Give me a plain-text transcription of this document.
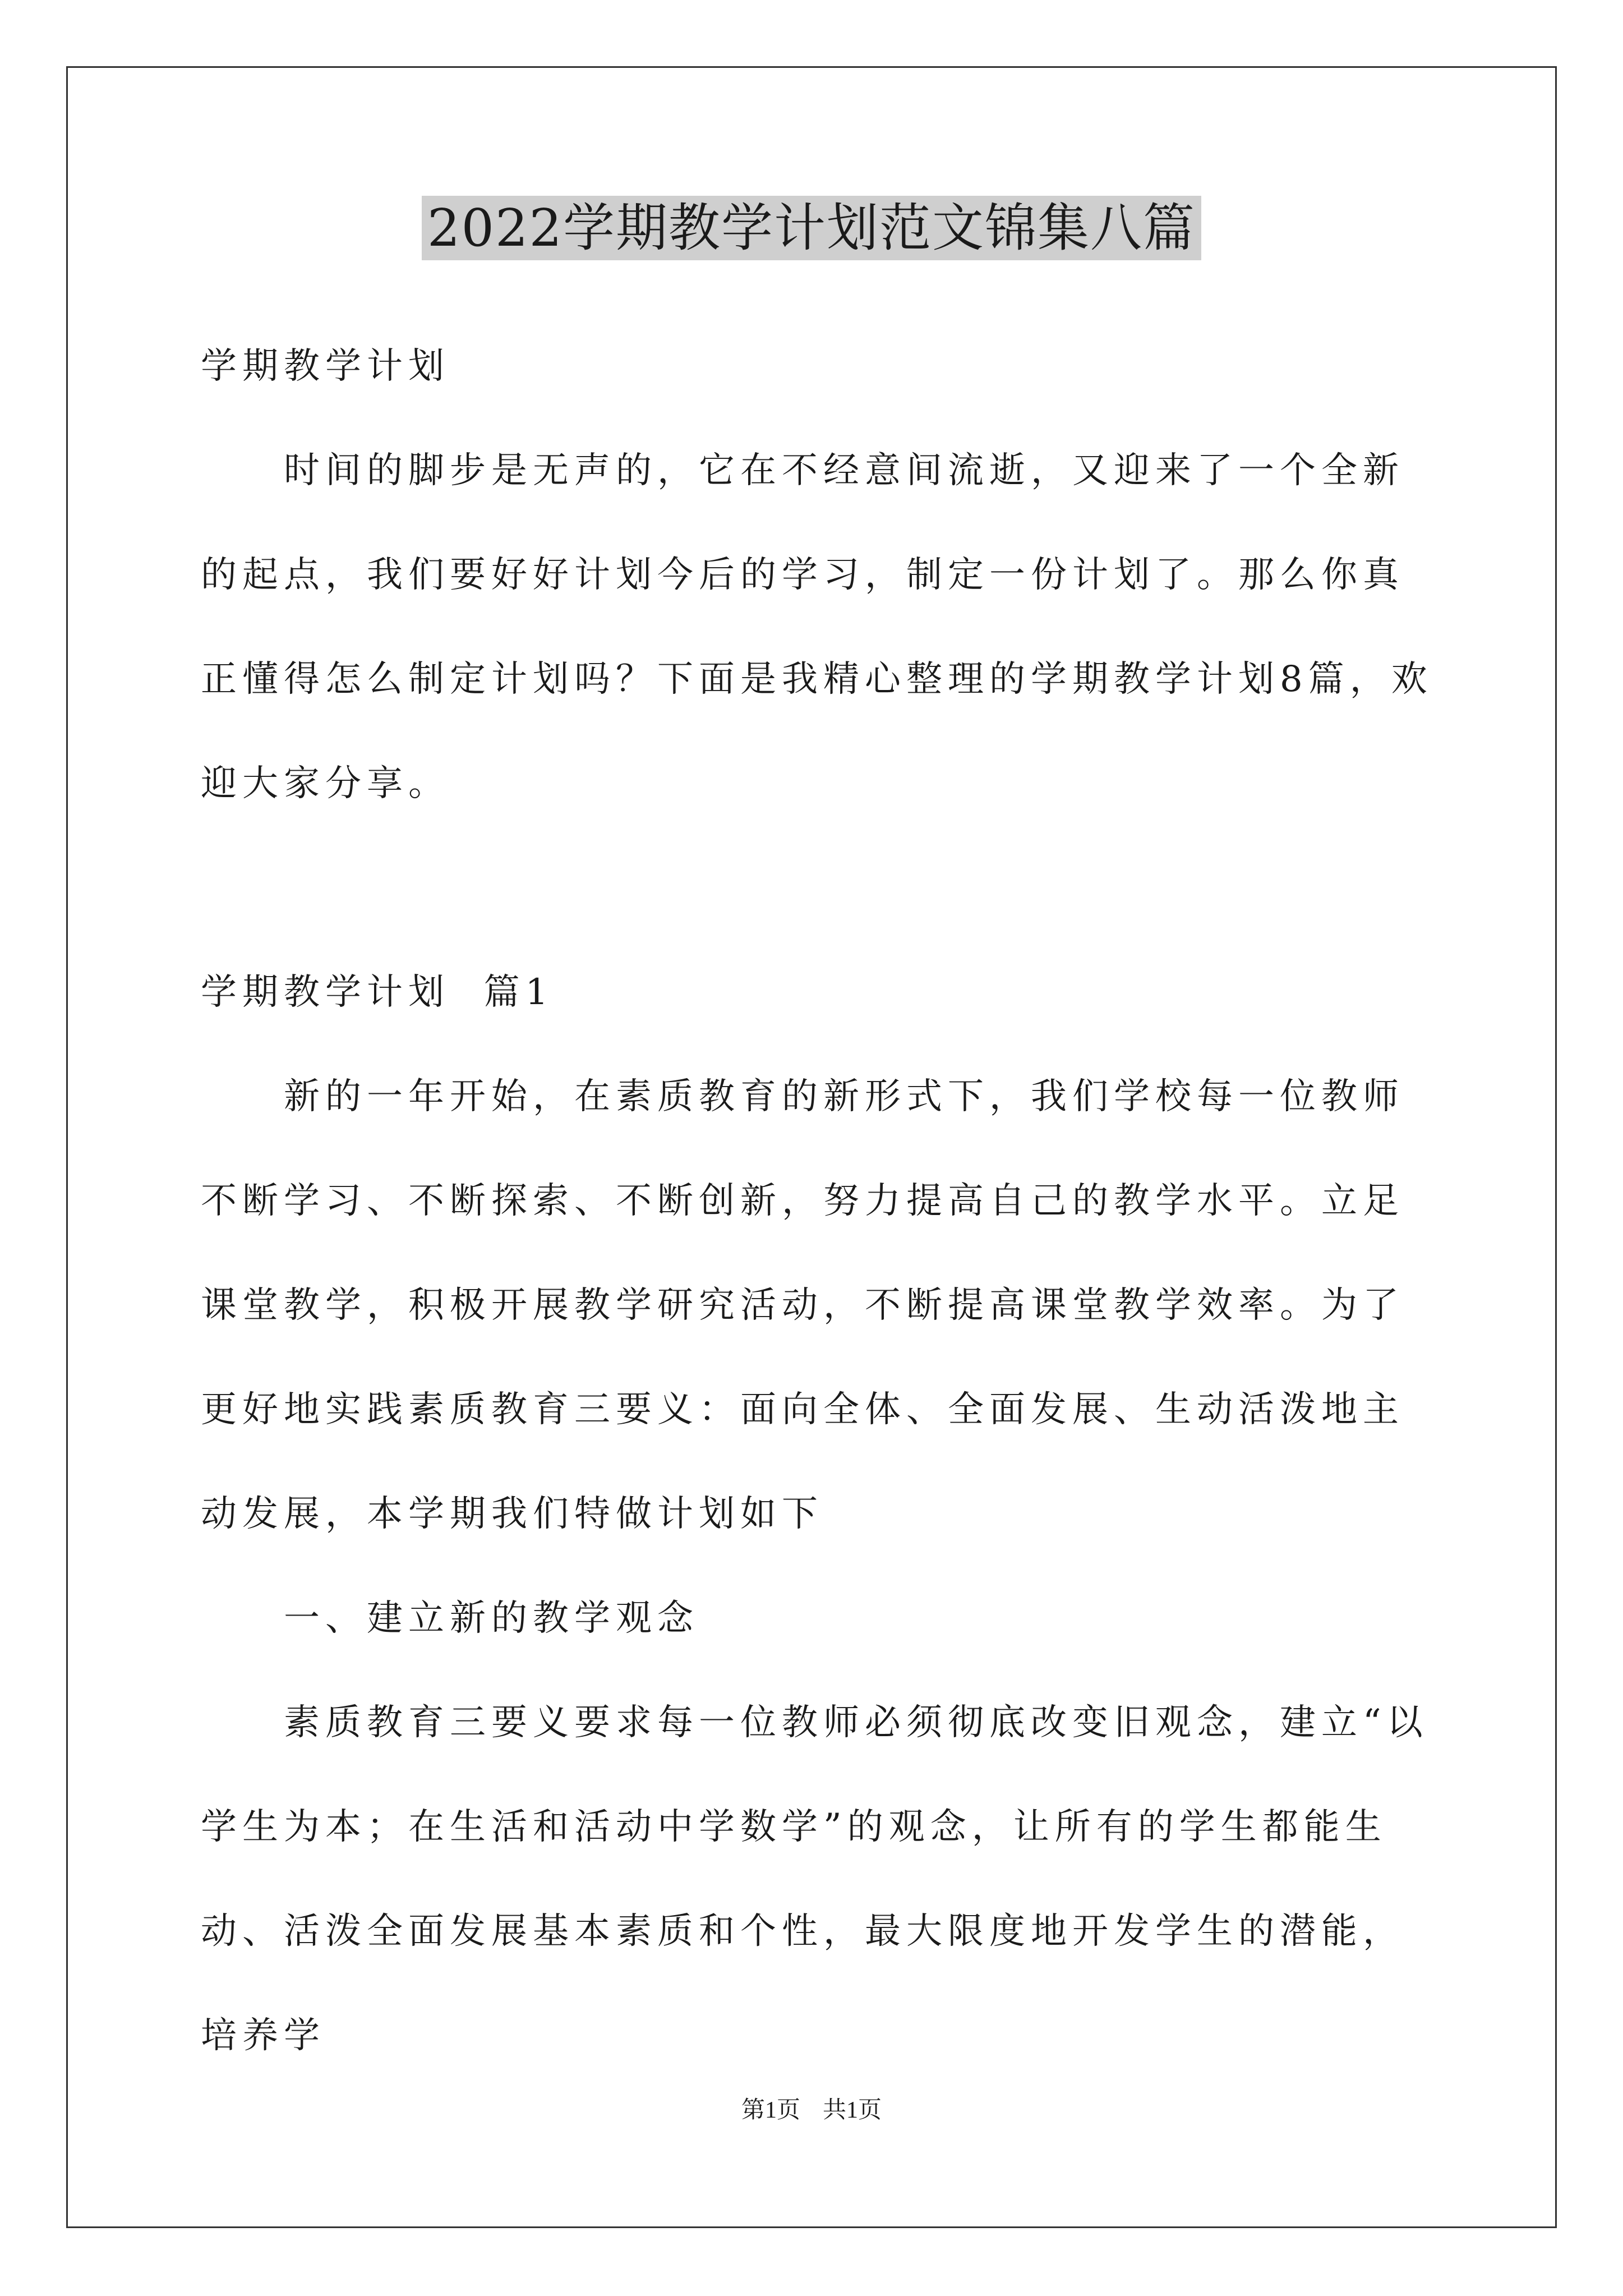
2022学期教学计划范文锦集八篇

学期教学计划

时间的脚步是无声的，它在不经意间流逝，又迎来了一个全新的起点，我们要好好计划今后的学习，制定一份计划了。那么你真正懂得怎么制定计划吗？下面是我精心整理的学期教学计划8篇，欢迎大家分享。

学期教学计划  篇1

新的一年开始，在素质教育的新形式下，我们学校每一位教师不断学习、不断探索、不断创新，努力提高自己的教学水平。立足课堂教学，积极开展教学研究活动，不断提高课堂教学效率。为了更好地实践素质教育三要义：面向全体、全面发展、生动活泼地主动发展，本学期我们特做计划如下

一、建立新的教学观念

素质教育三要义要求每一位教师必须彻底改变旧观念，建立“以学生为本；在生活和活动中学数学”的观念，让所有的学生都能生动、活泼全面发展基本素质和个性，最大限度地开发学生的潜能，培养学

第1页 共1页
